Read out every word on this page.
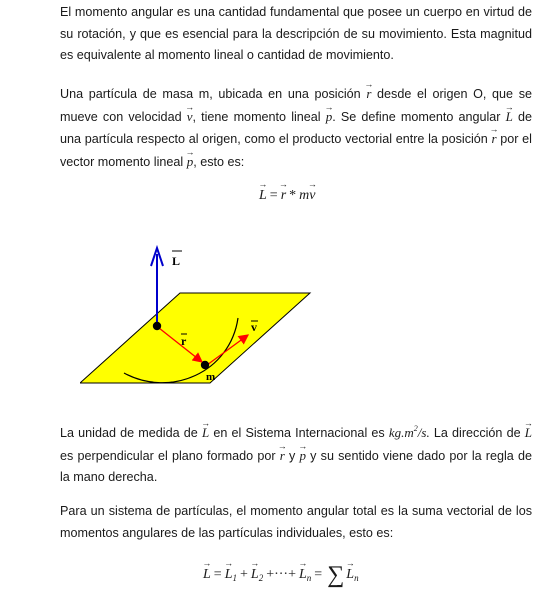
El momento angular es una cantidad fundamental que posee un cuerpo en virtud de su rotación, y que es esencial para la descripción de su movimiento. Esta magnitud es equivalente al momento lineal o cantidad de movimiento.

Una partícula de masa m, ubicada en una posición → r desde el origen O, que se mueve con velocidad → v, tiene momento lineal → p. Se define momento angular → L de una partícula respecto al origen, como el producto vectorial entre la posición → r por el vector momento lineal → p, esto es:

→ L =→ r * m→ v
L
r
v
m

La unidad de medida de → L en el Sistema Internacional es $kg.m^2/s$. La dirección de → L es perpendicular el plano formado por → r y → p y su sentido viene dado por la regla de la mano derecha.

Para un sistema de partículas, el momento angular total es la suma vectorial de los momentos angulares de las partículas individuales, esto es:

→ $L =\to L_1 +\to L_2$ +···+→ $L_n$ = ∑→ $L_n$
